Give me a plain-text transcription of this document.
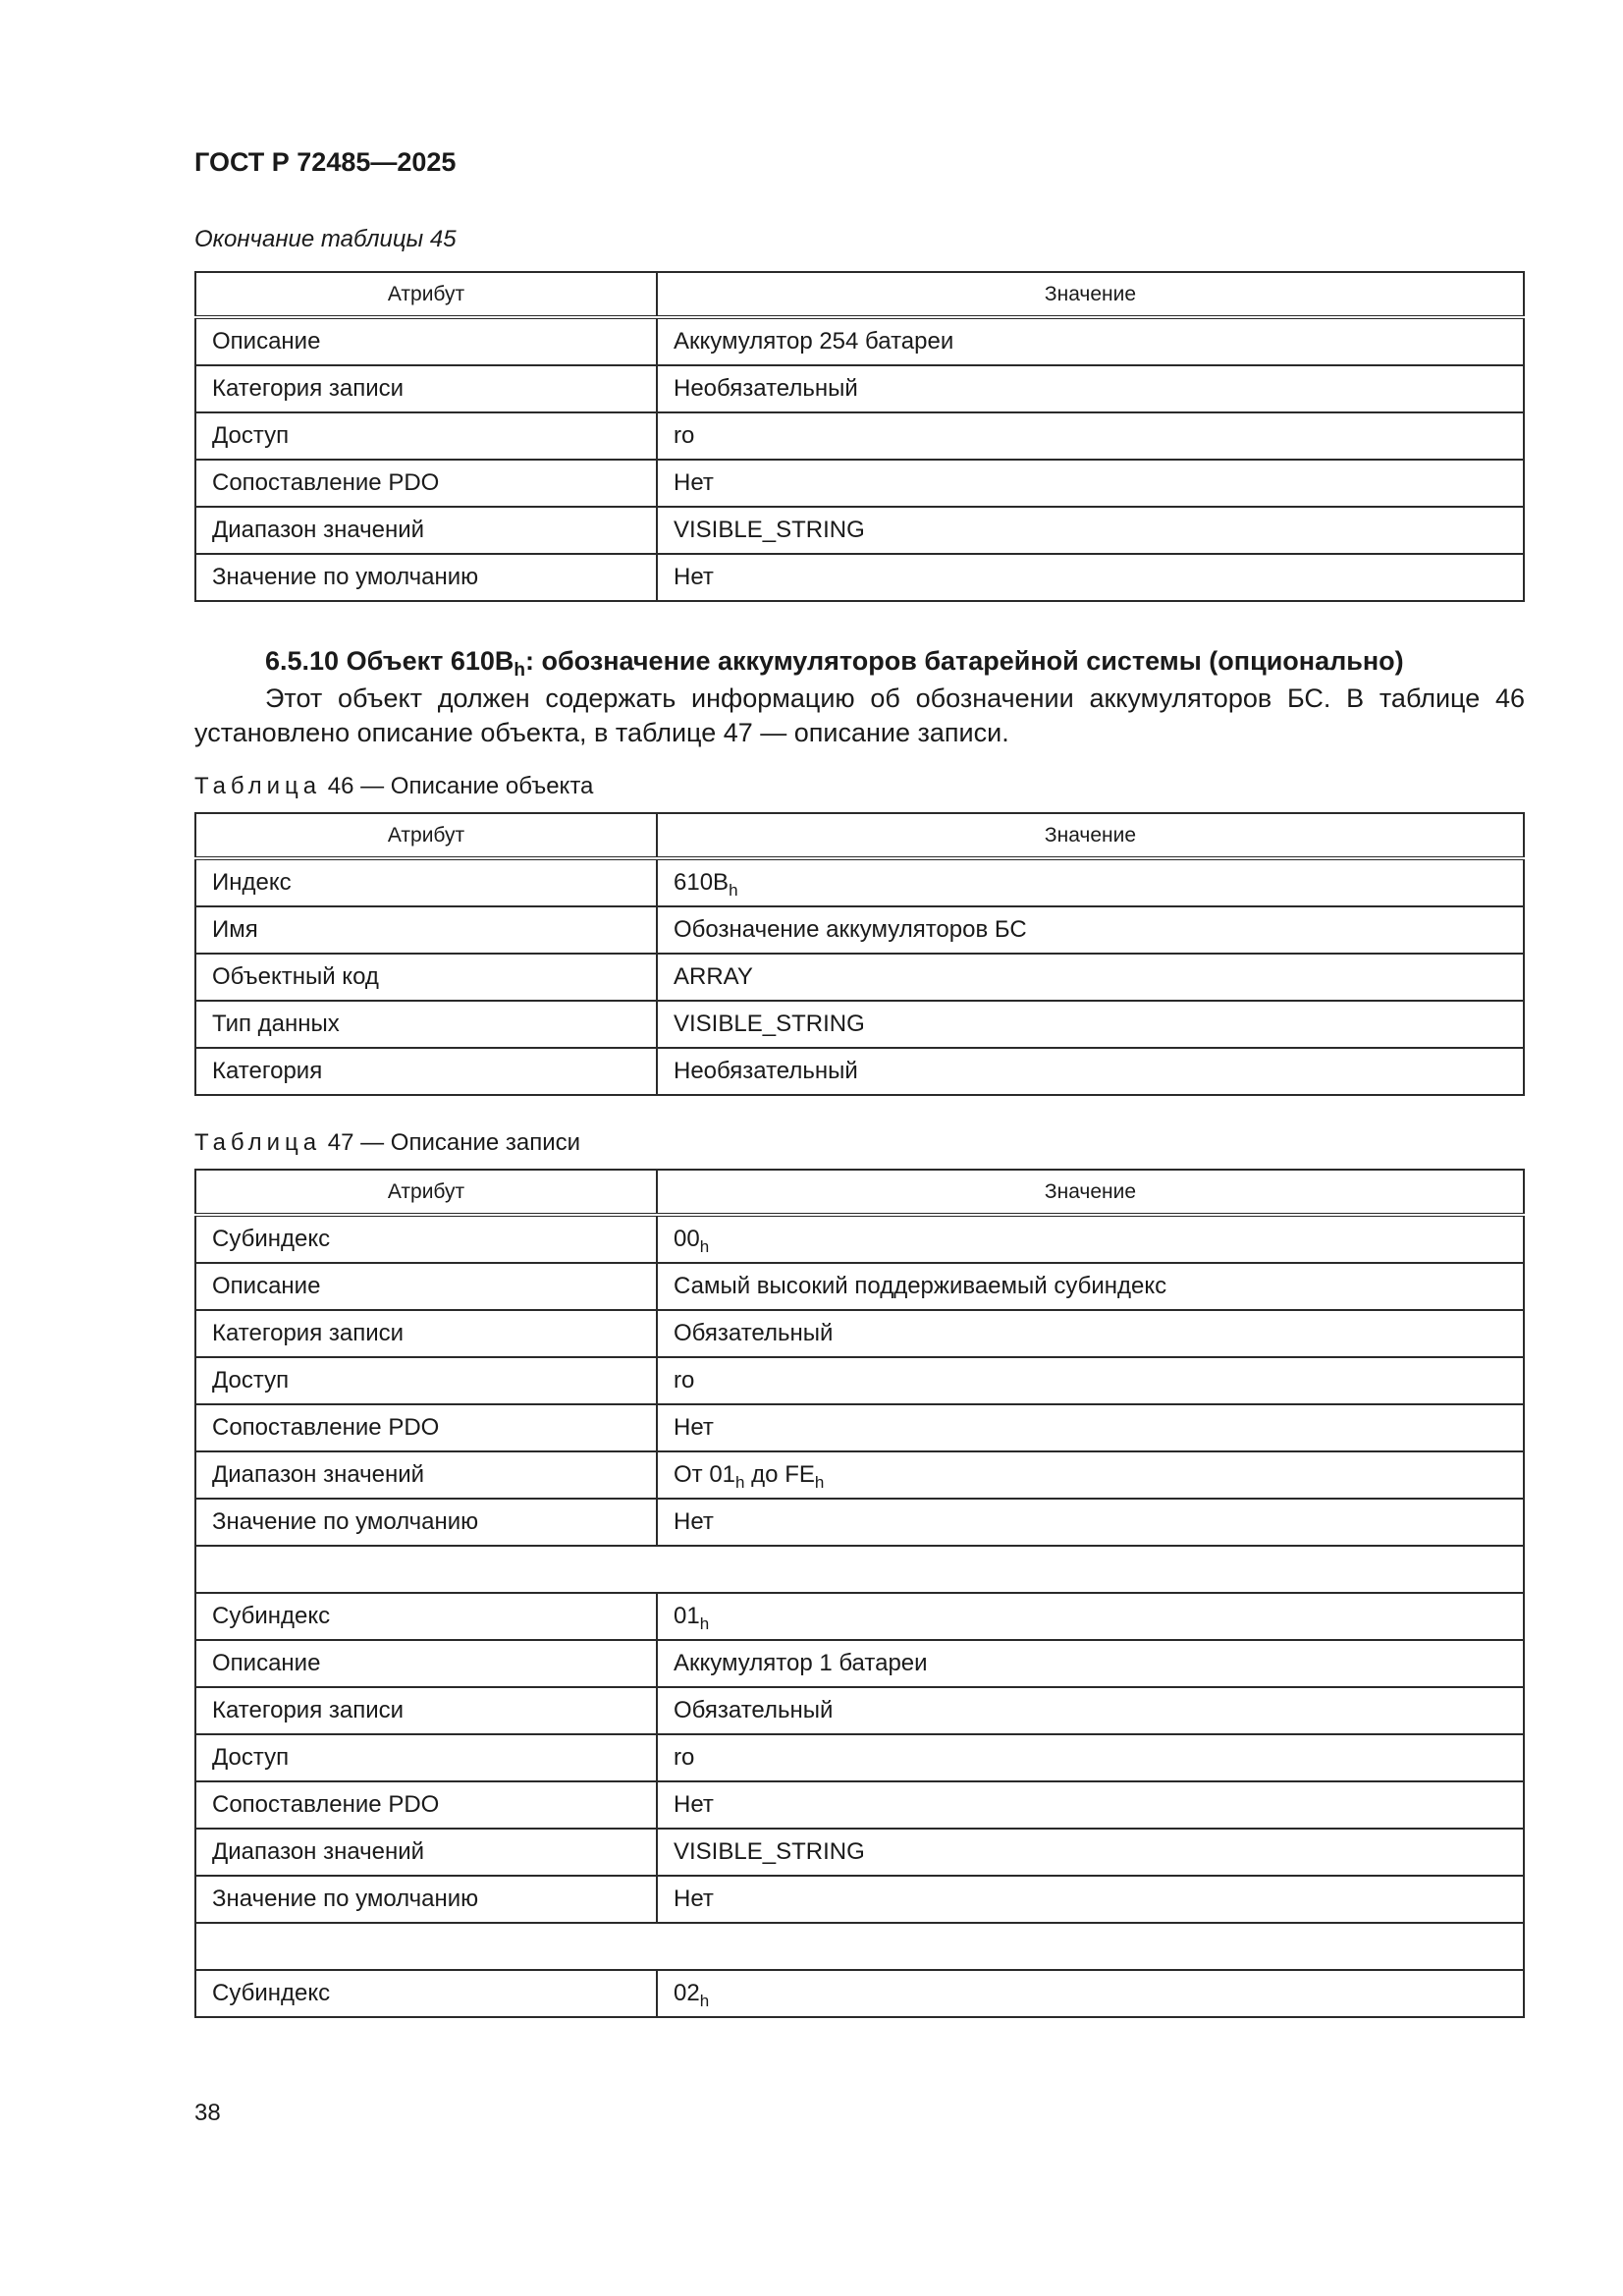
ГОСТ Р 72485—2025
Окончание таблицы 45
Атрибут	Значение
Описание	Аккумулятор 254 батареи
Категория записи	Необязательный
Доступ	ro
Сопоставление PDO	Нет
Диапазон значений	VISIBLE_STRING
Значение по умолчанию	Нет
6.5.10 Объект $610B_h$: обозначение аккумуляторов батарейной системы (опционально)
Этот объект должен содержать информацию об обозначении аккумуляторов БС. В таблице 46 установлено описание объекта, в таблице 47 — описание записи.
Таблица 46 — Описание объекта
Атрибут	Значение
Индекс	$610B_h$
Имя	Обозначение аккумуляторов БС
Объектный код	ARRAY
Тип данных	VISIBLE_STRING
Категория	Необязательный
Таблица 47 — Описание записи
Атрибут	Значение
Субиндекс	$00_h$
Описание	Самый высокий поддерживаемый субиндекс
Категория записи	Обязательный
Доступ	ro
Сопоставление PDO	Нет
Диапазон значений	От $01_h$ до $FE_h$
Значение по умолчанию	Нет

Субиндекс	$01_h$
Описание	Аккумулятор 1 батареи
Категория записи	Обязательный
Доступ	ro
Сопоставление PDO	Нет
Диапазон значений	VISIBLE_STRING
Значение по умолчанию	Нет

Субиндекс	$02_h$
38
